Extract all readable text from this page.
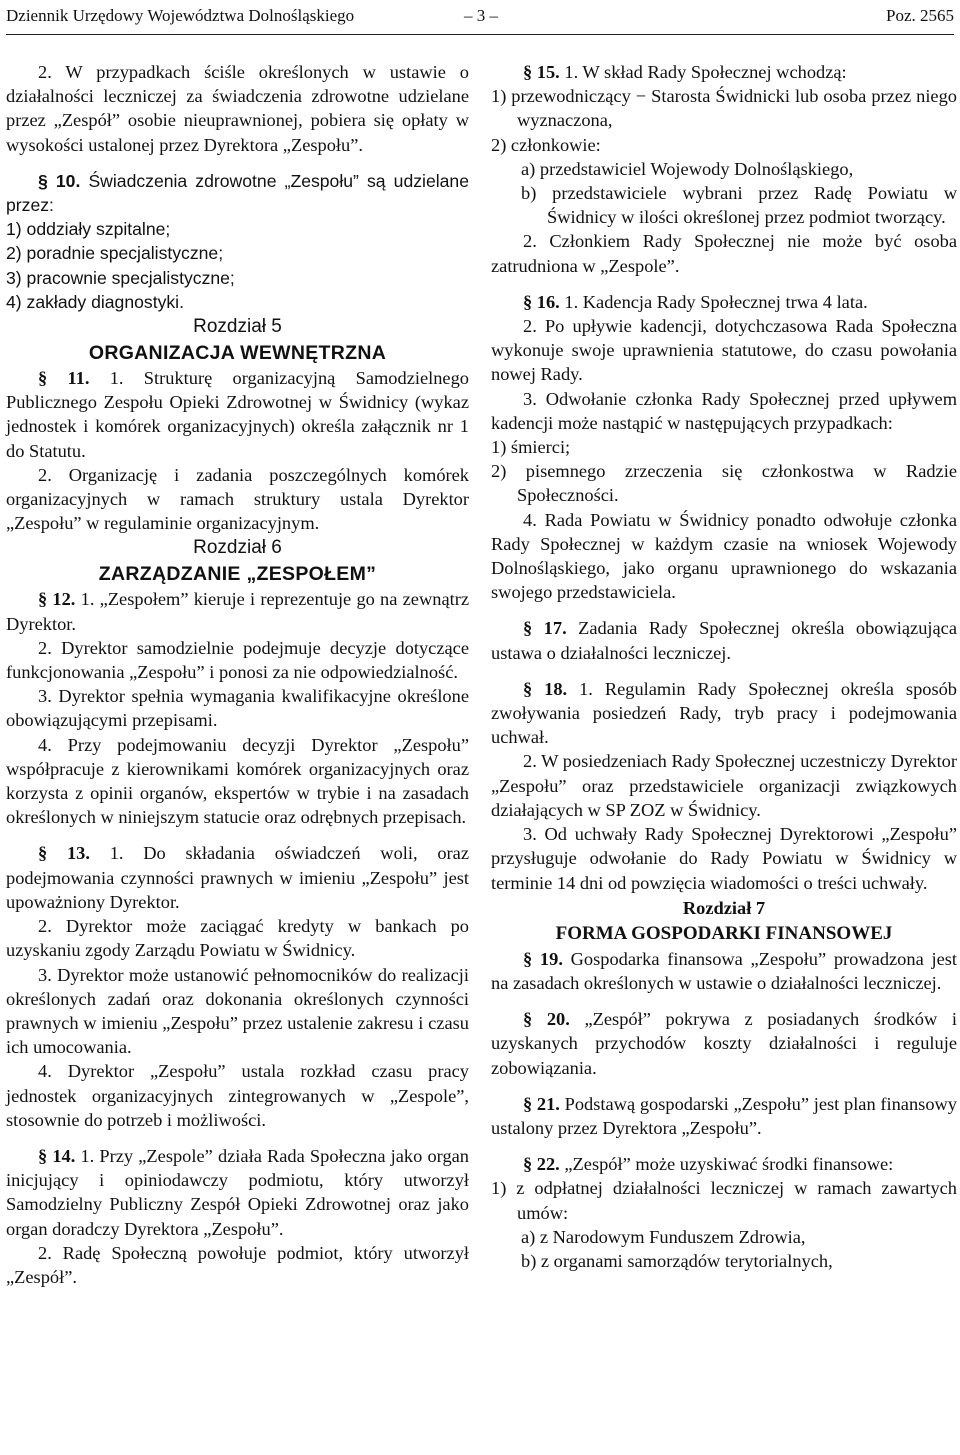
Dziennik Urzędowy Województwa Dolnośląskiego	– 3 –	Poz. 2565

2. W przypadkach ściśle określonych w ustawie o działalności leczniczej za świadczenia zdrowotne udzielane przez „Zespół” osobie nieuprawnionej, pobiera się opłaty w wysokości ustalonej przez Dyrektora „Zespołu”.

§ 10. Świadczenia zdrowotne „Zespołu” są udzielane przez:

1) oddziały szpitalne;

2) poradnie specjalistyczne;

3) pracownie specjalistyczne;

4) zakłady diagnostyki.

Rozdział 5

ORGANIZACJA WEWNĘTRZNA

§ 11. 1. Strukturę organizacyjną Samodzielnego Publicznego Zespołu Opieki Zdrowotnej w Świdnicy (wykaz jednostek i komórek organizacyjnych) określa załącznik nr 1 do Statutu.

2. Organizację i zadania poszczególnych komórek organizacyjnych w ramach struktury ustala Dyrektor „Zespołu” w regulaminie organizacyjnym.

Rozdział 6

ZARZĄDZANIE „ZESPOŁEM”

§ 12. 1. „Zespołem” kieruje i reprezentuje go na zewnątrz Dyrektor.

2. Dyrektor samodzielnie podejmuje decyzje dotyczące funkcjonowania „Zespołu” i ponosi za nie odpowiedzialność.

3. Dyrektor spełnia wymagania kwalifikacyjne określone obowiązującymi przepisami.

4. Przy podejmowaniu decyzji Dyrektor „Zespołu” współpracuje z kierownikami komórek organizacyjnych oraz korzysta z opinii organów, ekspertów w trybie i na zasadach określonych w niniejszym statucie oraz odrębnych przepisach.

§ 13. 1. Do składania oświadczeń woli, oraz podejmowania czynności prawnych w imieniu „Zespołu” jest upoważniony Dyrektor.

2. Dyrektor może zaciągać kredyty w bankach po uzyskaniu zgody Zarządu Powiatu w Świdnicy.

3. Dyrektor może ustanowić pełnomocników do realizacji określonych zadań oraz dokonania określonych czynności prawnych w imieniu „Zespołu” przez ustalenie zakresu i czasu ich umocowania.

4. Dyrektor „Zespołu” ustala rozkład czasu pracy jednostek organizacyjnych zintegrowanych w „Zespole”, stosownie do potrzeb i możliwości.

§ 14. 1. Przy „Zespole” działa Rada Społeczna jako organ inicjujący i opiniodawczy podmiotu, który utworzył Samodzielny Publiczny Zespół Opieki Zdrowotnej oraz jako organ doradczy Dyrektora „Zespołu”.

2. Radę Społeczną powołuje podmiot, który utworzył „Zespół”.

§ 15. 1. W skład Rady Społecznej wchodzą:

1) przewodniczący − Starosta Świdnicki lub osoba przez niego wyznaczona,

2) członkowie:

a) przedstawiciel Wojewody Dolnośląskiego,

b) przedstawiciele wybrani przez Radę Powiatu w Świdnicy w ilości określonej przez podmiot tworzący.

2. Członkiem Rady Społecznej nie może być osoba zatrudniona w „Zespole”.

§ 16. 1. Kadencja Rady Społecznej trwa 4 lata.

2. Po upływie kadencji, dotychczasowa Rada Społeczna wykonuje swoje uprawnienia statutowe, do czasu powołania nowej Rady.

3. Odwołanie członka Rady Społecznej przed upływem kadencji może nastąpić w następujących przypadkach:

1) śmierci;

2) pisemnego zrzeczenia się członkostwa w Radzie Społeczności.

4. Rada Powiatu w Świdnicy ponadto odwołuje członka Rady Społecznej w każdym czasie na wniosek Wojewody Dolnośląskiego, jako organu uprawnionego do wskazania swojego przedstawiciela.

§ 17. Zadania Rady Społecznej określa obowiązująca ustawa o działalności leczniczej.

§ 18. 1. Regulamin Rady Społecznej określa sposób zwoływania posiedzeń Rady, tryb pracy i podejmowania uchwał.

2. W posiedzeniach Rady Społecznej uczestniczy Dyrektor „Zespołu” oraz przedstawiciele organizacji związkowych działających w SP ZOZ w Świdnicy.

3. Od uchwały Rady Społecznej Dyrektorowi „Zespołu” przysługuje odwołanie do Rady Powiatu w Świdnicy w terminie 14 dni od powzięcia wiadomości o treści uchwały.

Rozdział 7

FORMA GOSPODARKI FINANSOWEJ

§ 19. Gospodarka finansowa „Zespołu” prowadzona jest na zasadach określonych w ustawie o działalności leczniczej.

§ 20. „Zespół” pokrywa z posiadanych środków i uzyskanych przychodów koszty działalności i reguluje zobowiązania.

§ 21. Podstawą gospodarski „Zespołu” jest plan finansowy ustalony przez Dyrektora „Zespołu”.

§ 22. „Zespół” może uzyskiwać środki finansowe:

1) z odpłatnej działalności leczniczej w ramach zawartych umów:

a) z Narodowym Funduszem Zdrowia,

b) z organami samorządów terytorialnych,
